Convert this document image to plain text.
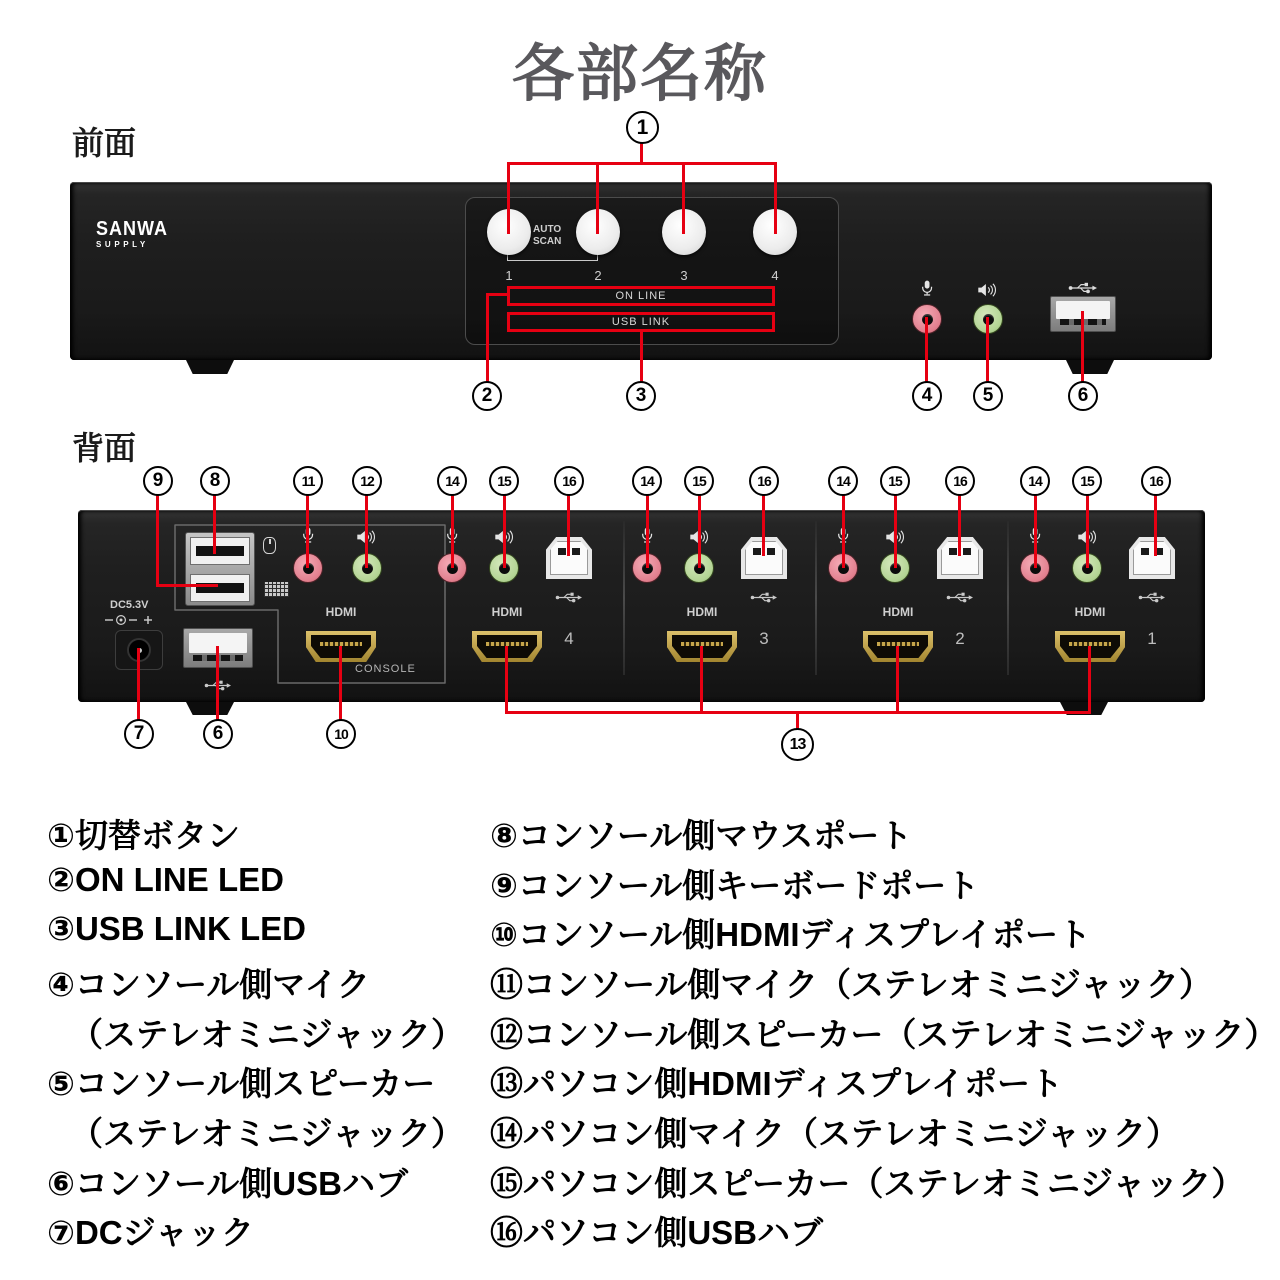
各部名称
前面
SANWA
SUPPLY
AUTO
SCAN
1	2	3	4
ON LINE
USB LINK
1
2	3	4	5	6
背面
DC5.3V	HDMI
CONSOLE
HDMI
4
HDMI
3
HDMI
2
HDMI
1
9	8	11	12	14	15	16	14	15	16	14	15	16	14	15	16
7	6	10
13
①切替ボタン
②ON LINE LED
③USB LINK LED
④コンソール側マイク
（ステレオミニジャック）
⑤コンソール側スピーカー
（ステレオミニジャック）
⑥コンソール側USBハブ
⑦DCジャック
⑧コンソール側マウスポート
⑨コンソール側キーボードポート
⑩コンソール側HDMIディスプレイポート
⑪コンソール側マイク（ステレオミニジャック）
⑫コンソール側スピーカー（ステレオミニジャック）
⑬パソコン側HDMIディスプレイポート
⑭パソコン側マイク（ステレオミニジャック）
⑮パソコン側スピーカー（ステレオミニジャック）
⑯パソコン側USBハブ
